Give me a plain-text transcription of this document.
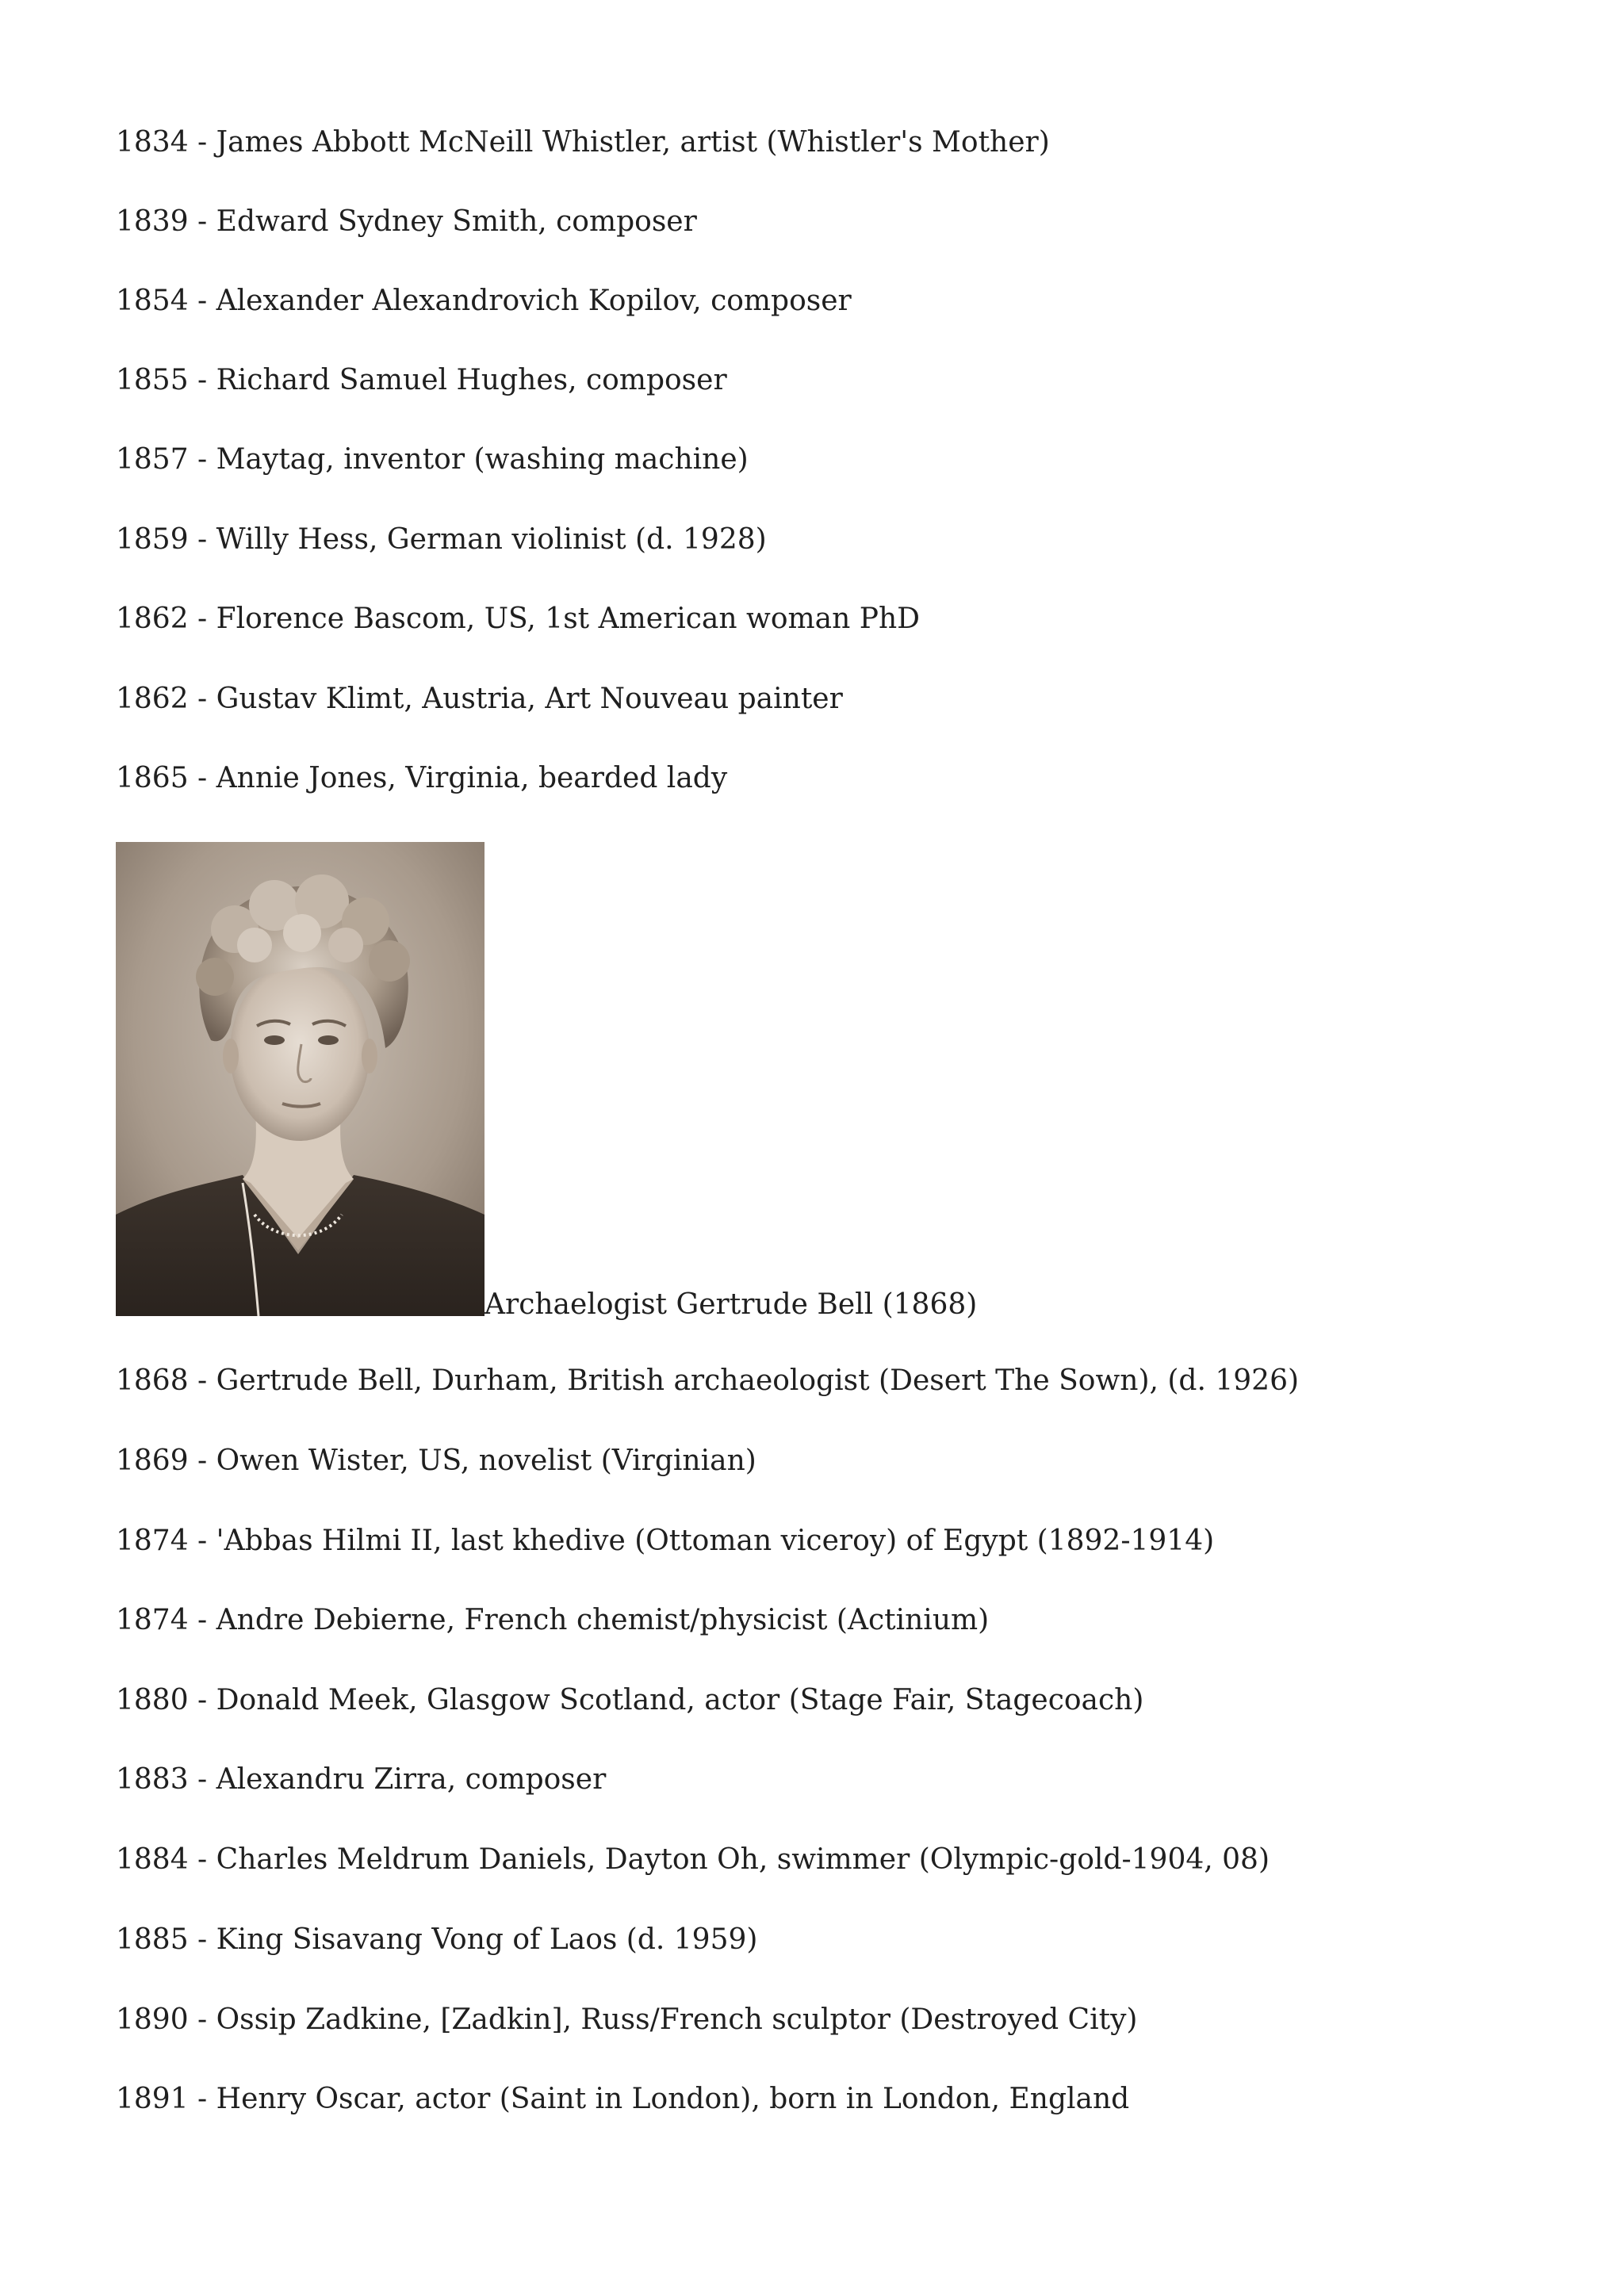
1834 - James Abbott McNeill Whistler, artist (Whistler's Mother)
1839 - Edward Sydney Smith, composer
1854 - Alexander Alexandrovich Kopilov, composer
1855 - Richard Samuel Hughes, composer
1857 - Maytag, inventor (washing machine)
1859 - Willy Hess, German violinist (d. 1928)
1862 - Florence Bascom, US, 1st American woman PhD
1862 - Gustav Klimt, Austria, Art Nouveau painter
1865 - Annie Jones, Virginia, bearded lady
Archaelogist Gertrude Bell (1868)
1868 - Gertrude Bell, Durham, British archaeologist (Desert The Sown), (d. 1926)
1869 - Owen Wister, US, novelist (Virginian)
1874 - 'Abbas Hilmi II, last khedive (Ottoman viceroy) of Egypt (1892-1914)
1874 - Andre Debierne, French chemist/physicist (Actinium)
1880 - Donald Meek, Glasgow Scotland, actor (Stage Fair, Stagecoach)
1883 - Alexandru Zirra, composer
1884 - Charles Meldrum Daniels, Dayton Oh, swimmer (Olympic-gold-1904, 08)
1885 - King Sisavang Vong of Laos (d. 1959)
1890 - Ossip Zadkine, [Zadkin], Russ/French sculptor (Destroyed City)
1891 - Henry Oscar, actor (Saint in London), born in London, England
